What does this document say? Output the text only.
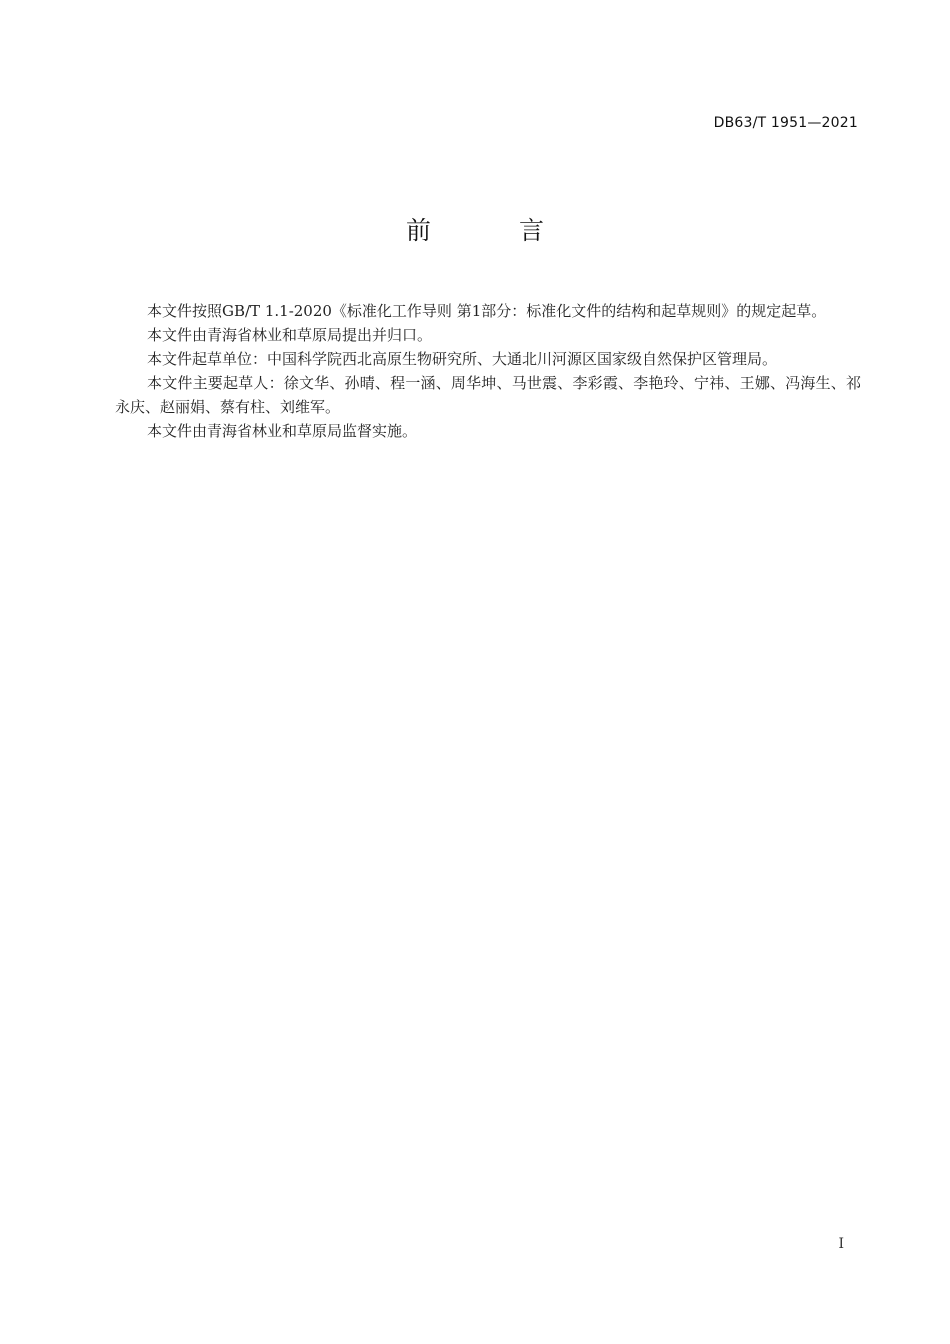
DB63/T 1951—2021
前 言

本文件按照GB/T 1.1-2020《标准化工作导则 第1部分：标准化文件的结构和起草规则》的规定起草。

本文件由青海省林业和草原局提出并归口。

本文件起草单位：中国科学院西北高原生物研究所、大通北川河源区国家级自然保护区管理局。

本文件主要起草人：徐文华、孙晴、程一涵、周华坤、马世震、李彩霞、李艳玲、宁祎、王娜、冯海生、祁永庆、赵丽娟、蔡有柱、刘维军。

本文件由青海省林业和草原局监督实施。

I
